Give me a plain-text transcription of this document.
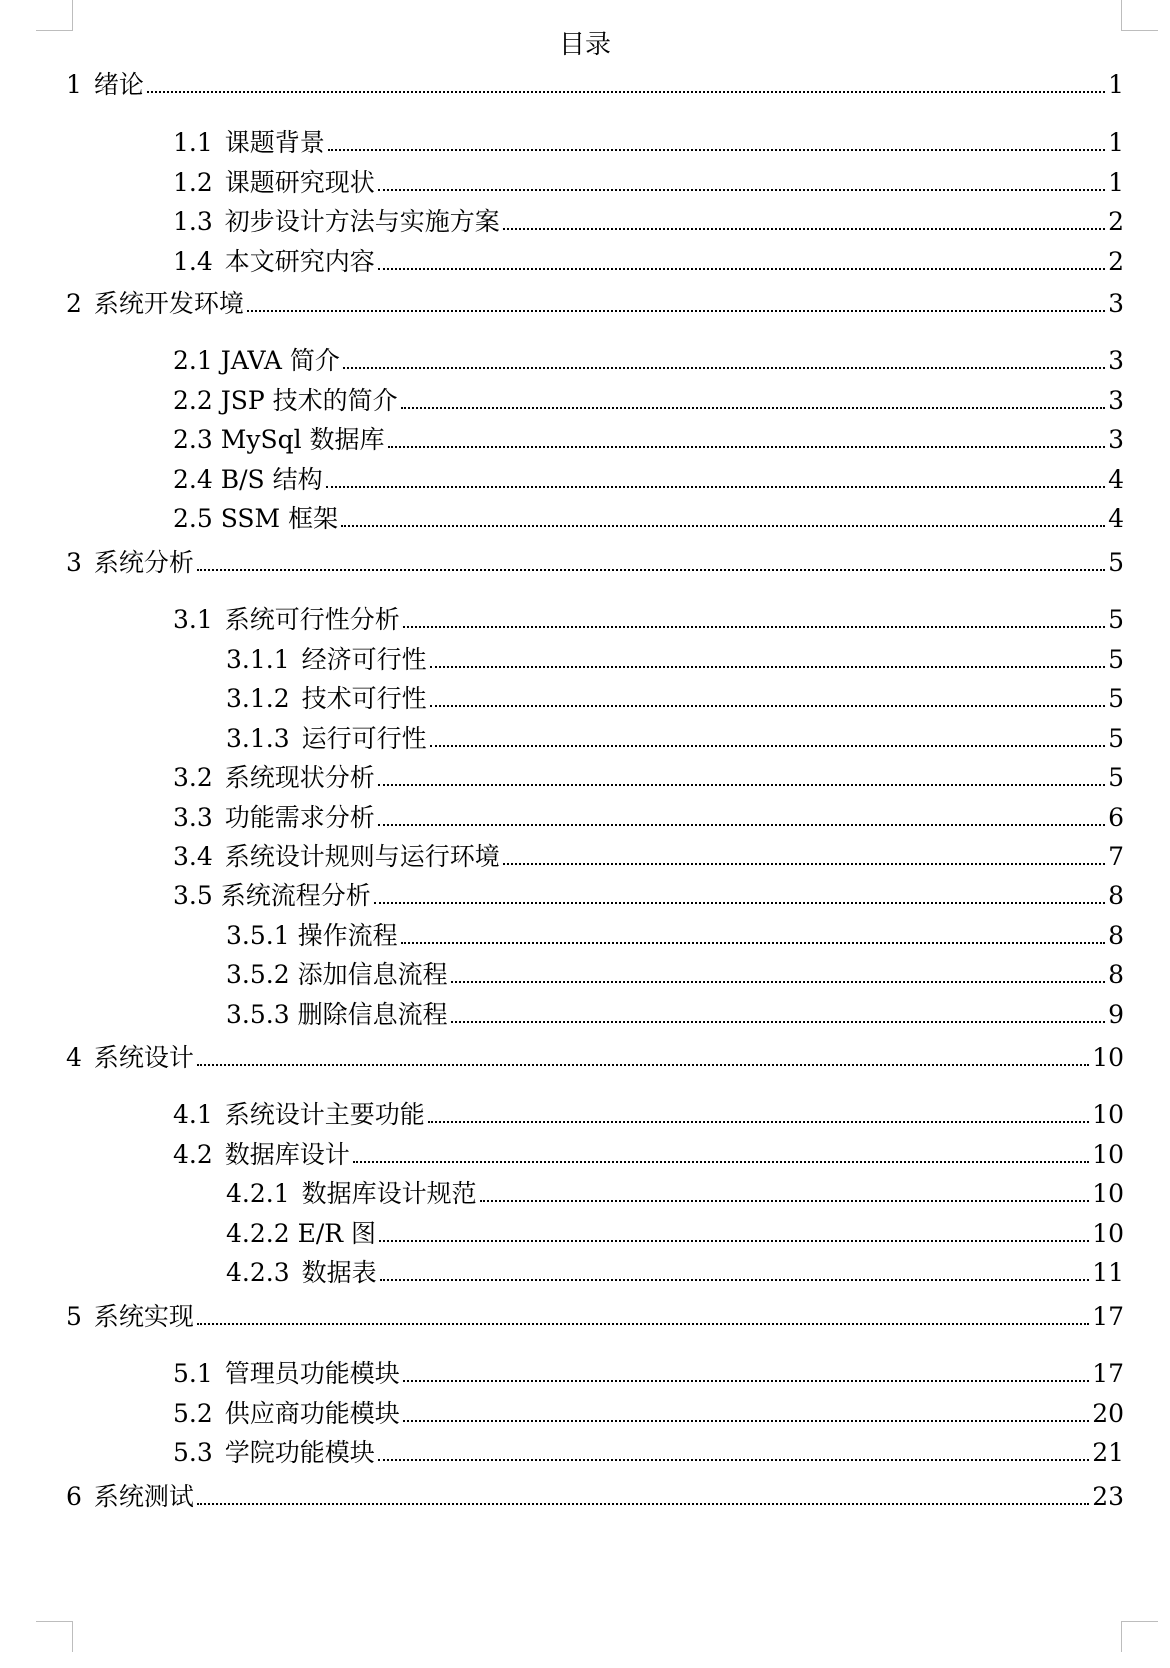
目录
1 绪论	1
1.1 课题背景	1
1.2 课题研究现状	1
1.3 初步设计方法与实施方案	2
1.4 本文研究内容	2
2 系统开发环境	3
2.1 JAVA 简介	3
2.2 JSP 技术的简介	3
2.3 MySql 数据库	3
2.4 B/S 结构	4
2.5 SSM 框架	4
3 系统分析	5
3.1 系统可行性分析	5
3.1.1 经济可行性	5
3.1.2 技术可行性	5
3.1.3 运行可行性	5
3.2 系统现状分析	5
3.3 功能需求分析	6
3.4 系统设计规则与运行环境	7
3.5 系统流程分析	8
3.5.1 操作流程	8
3.5.2 添加信息流程	8
3.5.3 删除信息流程	9
4 系统设计	10
4.1 系统设计主要功能	10
4.2 数据库设计	10
4.2.1 数据库设计规范	10
4.2.2 E/R 图	10
4.2.3 数据表	11
5 系统实现	17
5.1 管理员功能模块	17
5.2 供应商功能模块	20
5.3 学院功能模块	21
6 系统测试	23
